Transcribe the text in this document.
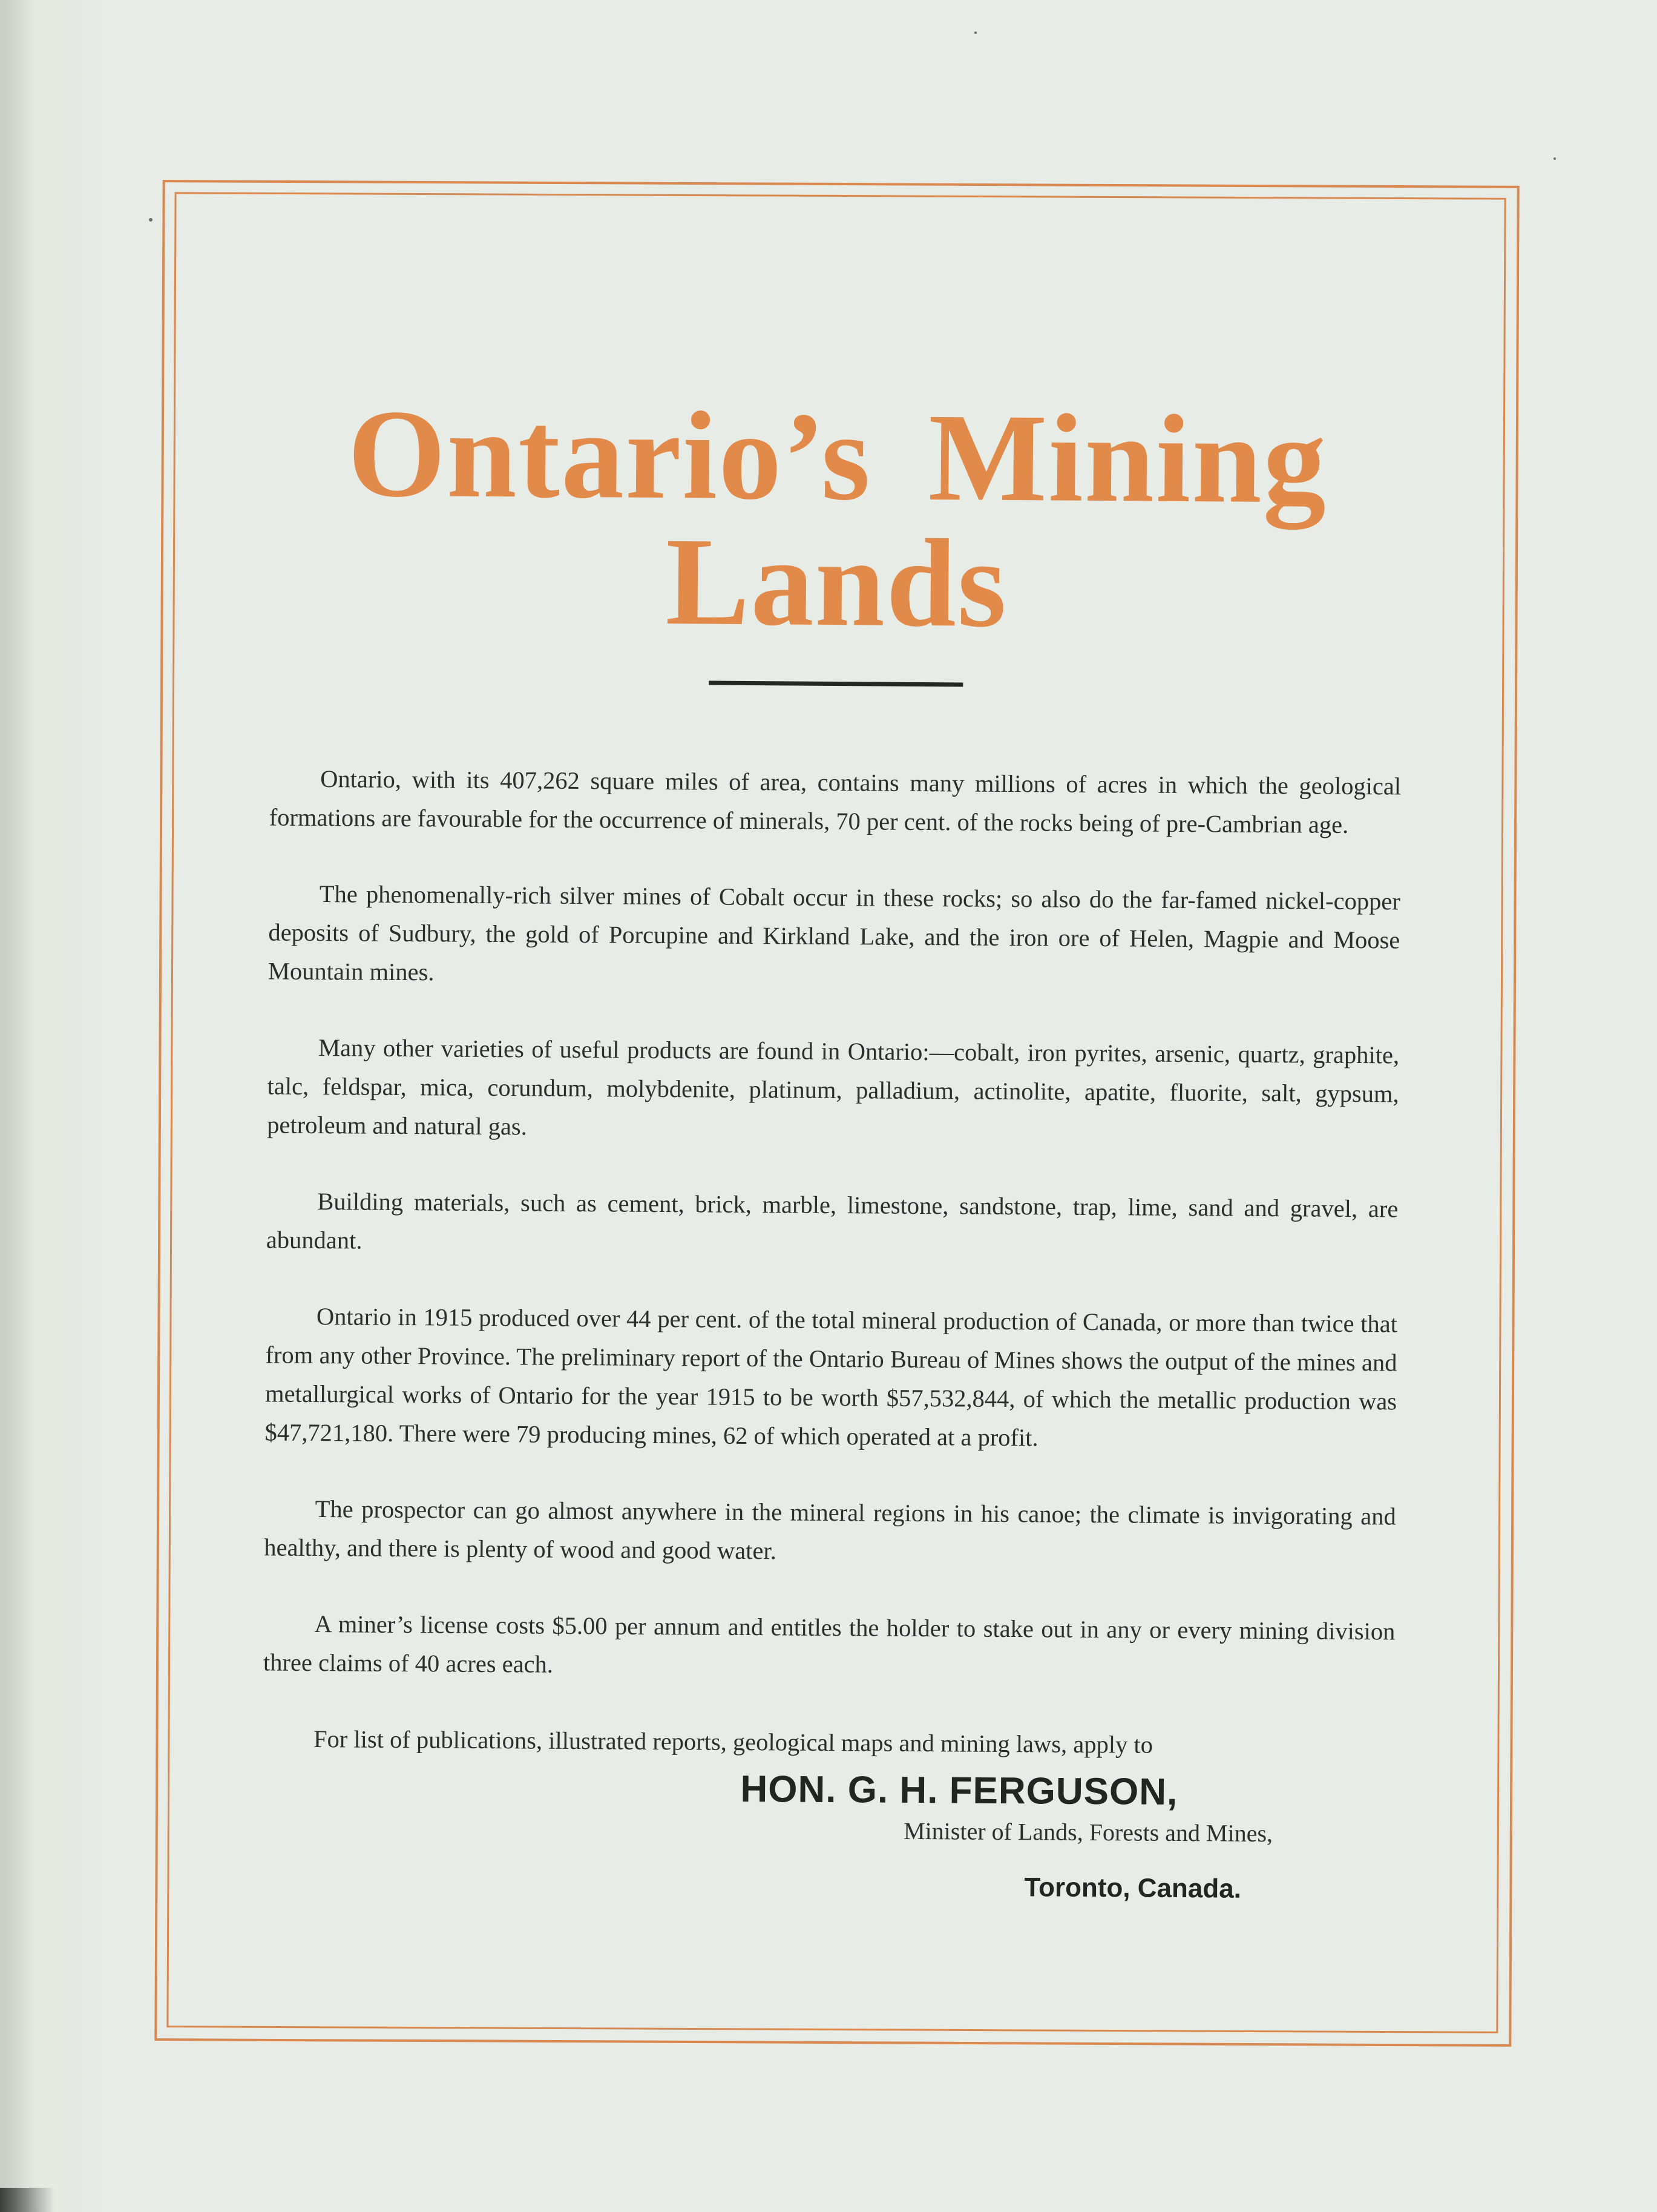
Ontario’s Mining Lands

Ontario, with its 407,262 square miles of area, contains many millions of acres in which the geological formations are favourable for the occurrence of minerals, 70 per cent. of the rocks being of pre-Cambrian age.

The phenomenally-rich silver mines of Cobalt occur in these rocks; so also do the far-famed nickel-copper deposits of Sudbury, the gold of Porcupine and Kirkland Lake, and the iron ore of Helen, Magpie and Moose Mountain mines.

Many other varieties of useful products are found in Ontario:—cobalt, iron pyrites, arsenic, quartz, graphite, talc, feldspar, mica, corundum, molybdenite, platinum, palladium, actinolite, apatite, fluorite, salt, gypsum, petroleum and natural gas.

Building materials, such as cement, brick, marble, limestone, sandstone, trap, lime, sand and gravel, are abundant.

Ontario in 1915 produced over 44 per cent. of the total mineral production of Canada, or more than twice that from any other Province. The preliminary report of the Ontario Bureau of Mines shows the output of the mines and metallurgical works of Ontario for the year 1915 to be worth $57,532,844, of which the metallic production was $47,721,180. There were 79 producing mines, 62 of which operated at a profit.

The prospector can go almost anywhere in the mineral regions in his canoe; the climate is invigorating and healthy, and there is plenty of wood and good water.

A miner’s license costs $5.00 per annum and entitles the holder to stake out in any or every mining division three claims of 40 acres each.

For list of publications, illustrated reports, geological maps and mining laws, apply to

HON. G. H. FERGUSON,
Minister of Lands, Forests and Mines,
Toronto, Canada.
